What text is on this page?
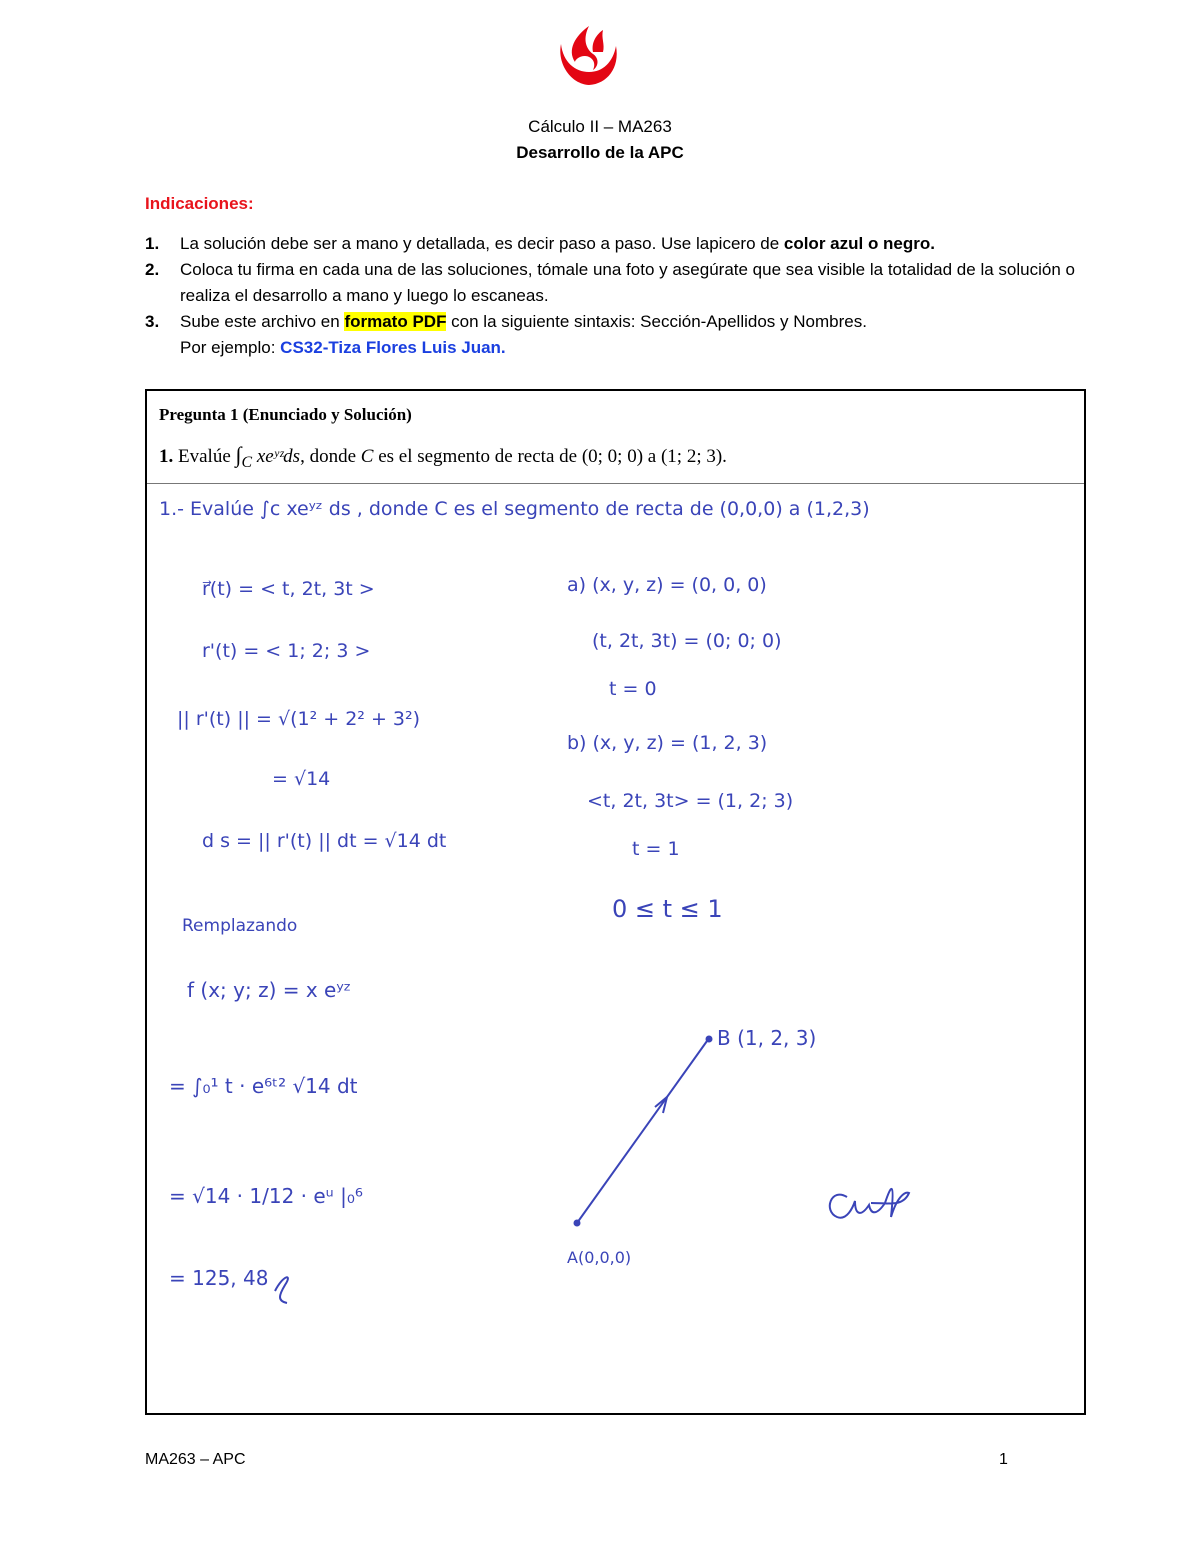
Cálculo II – MA263
Desarrollo de la APC
Indicaciones:
1. La solución debe ser a mano y detallada, es decir paso a paso. Use lapicero de color azul o negro.
2. Coloca tu firma en cada una de las soluciones, tómale una foto y asegúrate que sea visible la totalidad de la solución o realiza el desarrollo a mano y luego lo escaneas.
3. Sube este archivo en formato PDF con la siguiente sintaxis: Sección-Apellidos y Nombres.
Por ejemplo: CS32-Tiza Flores Luis Juan.
Pregunta 1 (Enunciado y Solución)
1. Evalúe $\int_C$ xeʸᶻds, donde C es el segmento de recta de (0; 0; 0) a (1; 2; 3).
1.- Evalúe ∫c xeʸᶻ ds , donde C es el segmento de recta de (0,0,0) a (1,2,3)
r⃗(t) = < t, 2t, 3t >
r'(t) = < 1; 2; 3 >
|| r'(t) || = √(1² + 2² + 3²)
= √14
d s = || r'(t) || dt = √14 dt
a) (x, y, z) = (0, 0, 0)
(t, 2t, 3t) = (0; 0; 0)
t = 0
b) (x, y, z) = (1, 2, 3)
<t, 2t, 3t> = (1, 2; 3)
t = 1
0 ≤ t ≤ 1
Remplazando
f (x; y; z) = x eʸᶻ
= ∫₀¹ t · e⁶ᵗ² √14 dt
= √14 · 1/12 · eᵘ |₀⁶
= 125, 48
B (1, 2, 3)
A(0,0,0)
MA263 – APC	1
